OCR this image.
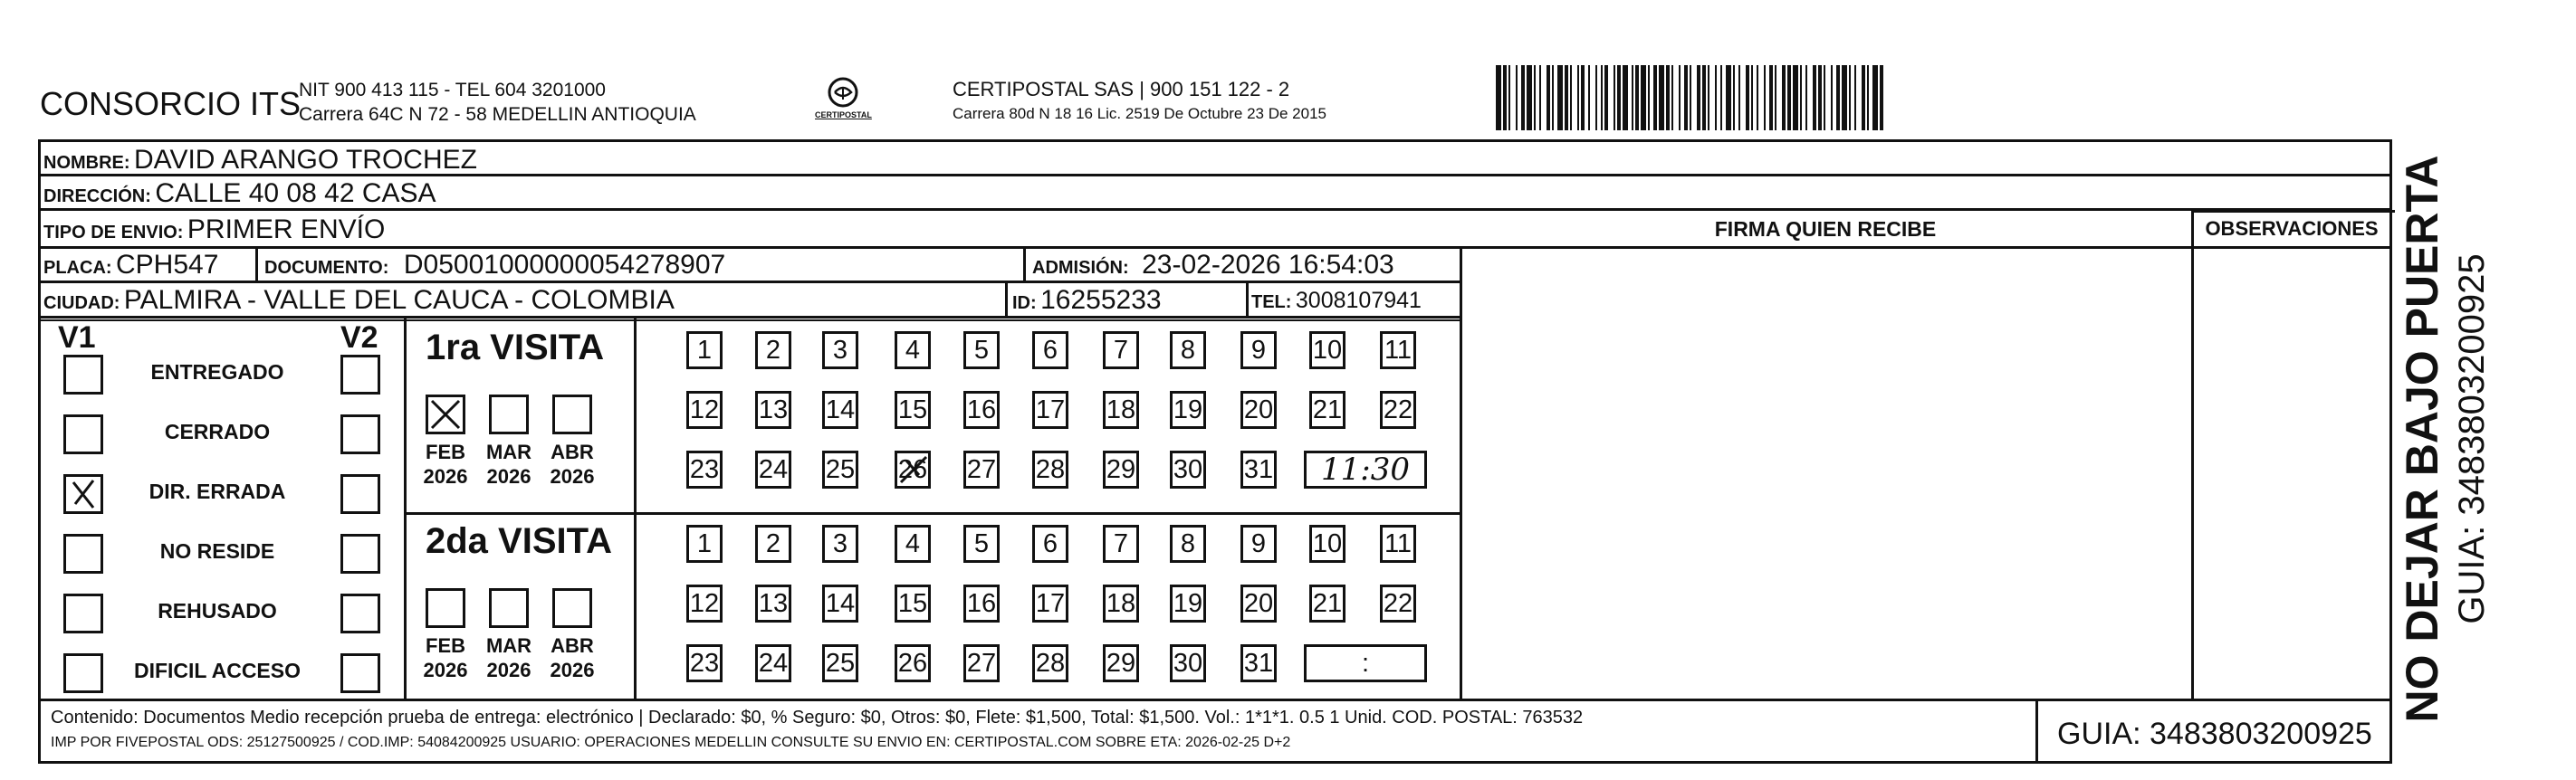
CONSORCIO ITS
NIT 900 413 115 - TEL 604 3201000
Carrera 64C N 72 - 58 MEDELLIN ANTIOQUIA	CERTIPOSTAL
CERTIPOSTAL SAS | 900 151 122 - 2
Carrera 80d N 18 16 Lic. 2519 De Octubre 23 De 2015
NOMBRE: DAVID ARANGO TROCHEZ
DIRECCIÓN: CALLE 40 08 42 CASA
TIPO DE ENVIO: PRIMER ENVÍO
PLACA: CPH547	DOCUMENTO: D05001000000054278907	ADMISIÓN: 23-02-2026 16:54:03
CIUDAD: PALMIRA - VALLE DEL CAUCA - COLOMBIA	ID: 16255233	TEL: 3008107941
FIRMA QUIEN RECIBE	OBSERVACIONES
V1	V2
ENTREGADO
CERRADO
DIR. ERRADA
NO RESIDE
REHUSADO
DIFICIL ACCESO
1ra VISITA
FEB
2026
MAR
2026
ABR
2026
1 2 3 4 5 6 7 8 9 10 11
12 13 14 15 16 17 18 19 20 21 22
23 24 25 26 27 28 29 30 31 11:30
2da VISITA
FEB
2026
MAR
2026
ABR
2026
1 2 3 4 5 6 7 8 9 10 11
12 13 14 15 16 17 18 19 20 21 22
23 24 25 26 27 28 29 30 31	:
Contenido: Documentos Medio recepción prueba de entrega: electrónico | Declarado: $0, % Seguro: $0, Otros: $0, Flete: $1,500, Total: $1,500. Vol.: 1*1*1. 0.5 1 Unid. COD. POSTAL: 763532
IMP POR FIVEPOSTAL ODS: 25127500925 / COD.IMP: 54084200925 USUARIO: OPERACIONES MEDELLIN CONSULTE SU ENVIO EN: CERTIPOSTAL.COM SOBRE ETA: 2026-02-25 D+2	GUIA: 3483803200925
NO DEJAR BAJO PUERTA GUIA: 3483803200925
